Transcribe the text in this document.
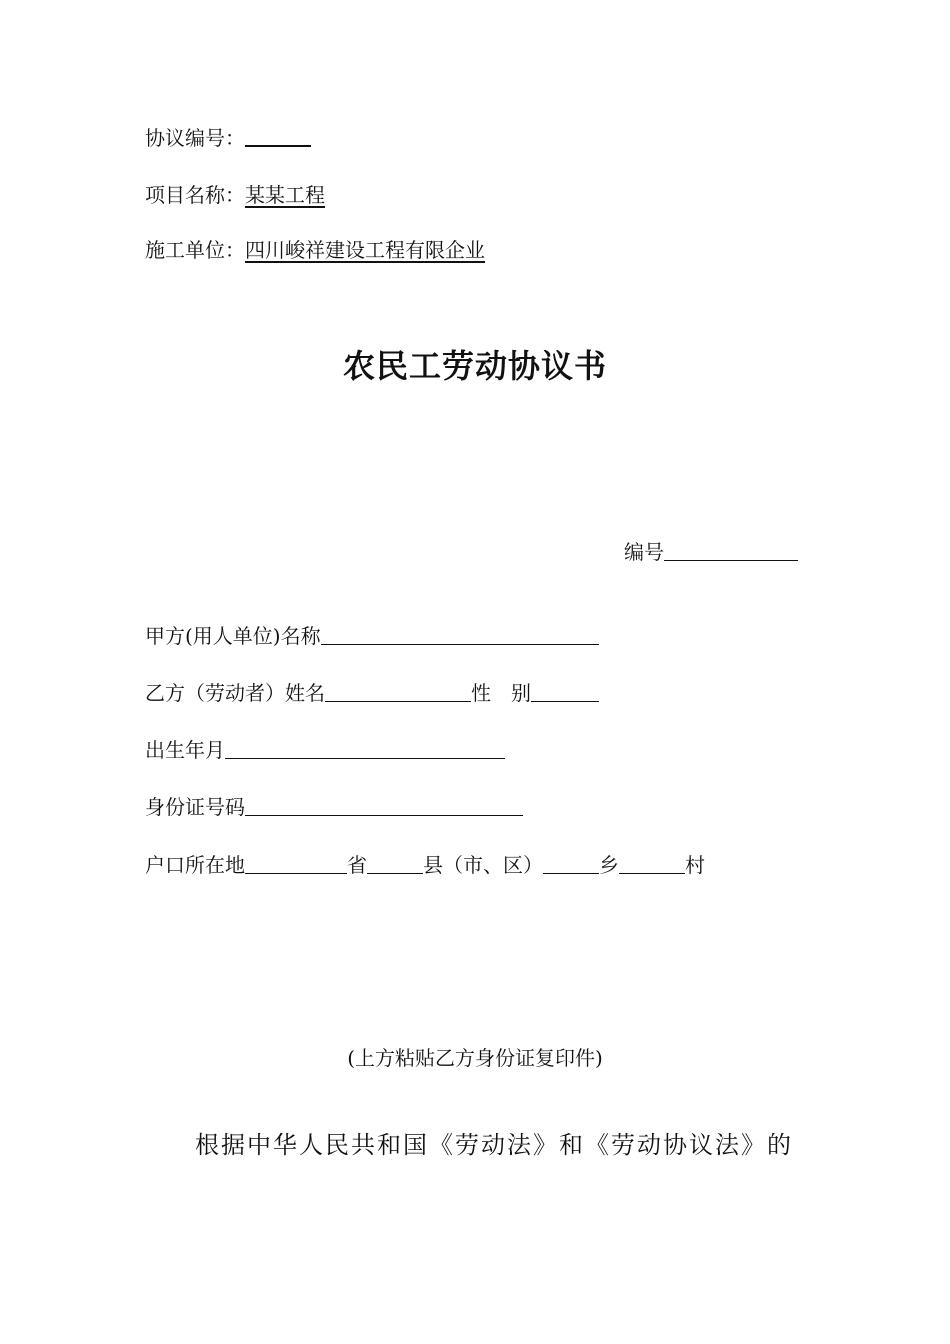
协议编号：
项目名称：某某工程
施工单位：四川峻祥建设工程有限企业
农民工劳动协议书
编号
甲方(用人单位)名称
乙方（劳动者）姓名	性　别
出生年月
身份证号码
户口所在地	省	县（市、区）	乡	村
(上方粘贴乙方身份证复印件)
根据中华人民共和国《劳动法》和《劳动协议法》的
